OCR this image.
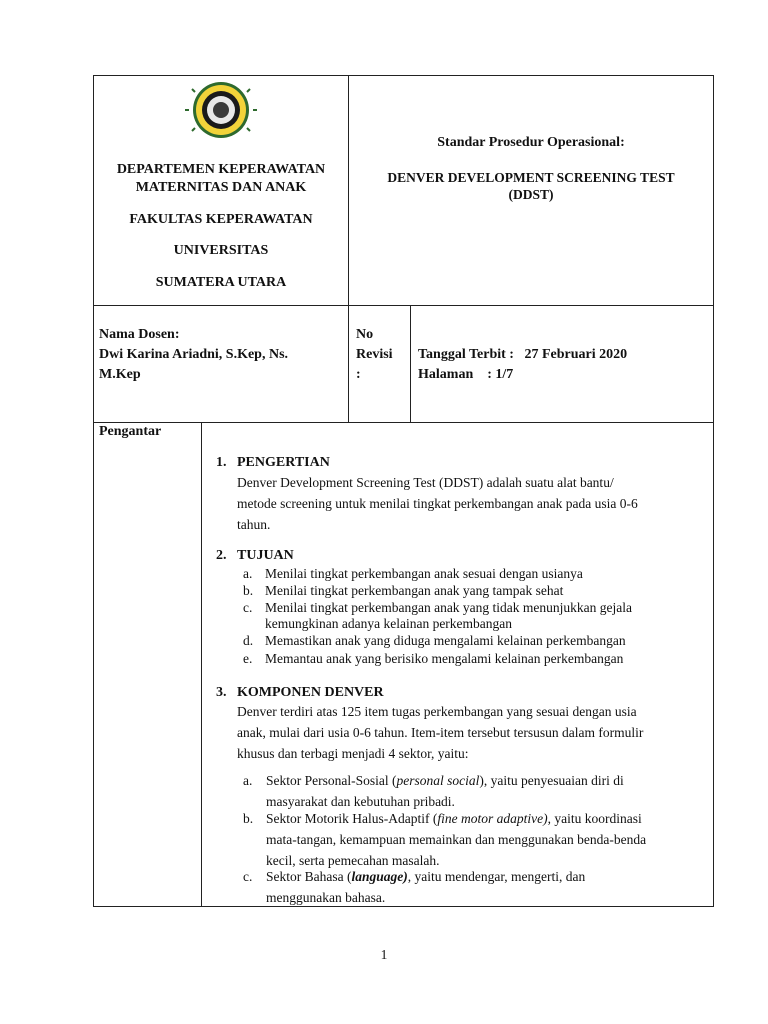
DEPARTEMEN KEPERAWATAN
MATERNITAS DAN ANAK
FAKULTAS KEPERAWATAN
UNIVERSITAS
SUMATERA UTARA
Standar Prosedur Operasional:
DENVER DEVELOPMENT SCREENING TEST
(DDST)
Nama Dosen:
Dwi Karina Ariadni, S.Kep, Ns.
M.Kep
No
Revisi
:
Tanggal Terbit : 27 Februari 2020
Halaman : 1/7
Pengantar
1. PENGERTIAN
Denver Development Screening Test (DDST) adalah suatu alat bantu/
metode screening untuk menilai tingkat perkembangan anak pada usia 0-6
tahun.
2. TUJUAN
a. Menilai tingkat perkembangan anak sesuai dengan usianya
b. Menilai tingkat perkembangan anak yang tampak sehat
c. Menilai tingkat perkembangan anak yang tidak menunjukkan gejala
kemungkinan adanya kelainan perkembangan
d. Memastikan anak yang diduga mengalami kelainan perkembangan
e. Memantau anak yang berisiko mengalami kelainan perkembangan
3. KOMPONEN DENVER
Denver terdiri atas 125 item tugas perkembangan yang sesuai dengan usia
anak, mulai dari usia 0-6 tahun. Item-item tersebut tersusun dalam formulir
khusus dan terbagi menjadi 4 sektor, yaitu:
a. Sektor Personal-Sosial (personal social), yaitu penyesuaian diri di
masyarakat dan kebutuhan pribadi.
b. Sektor Motorik Halus-Adaptif (fine motor adaptive), yaitu koordinasi
mata-tangan, kemampuan memainkan dan menggunakan benda-benda
kecil, serta pemecahan masalah.
c. Sektor Bahasa (language), yaitu mendengar, mengerti, dan
menggunakan bahasa.
1
